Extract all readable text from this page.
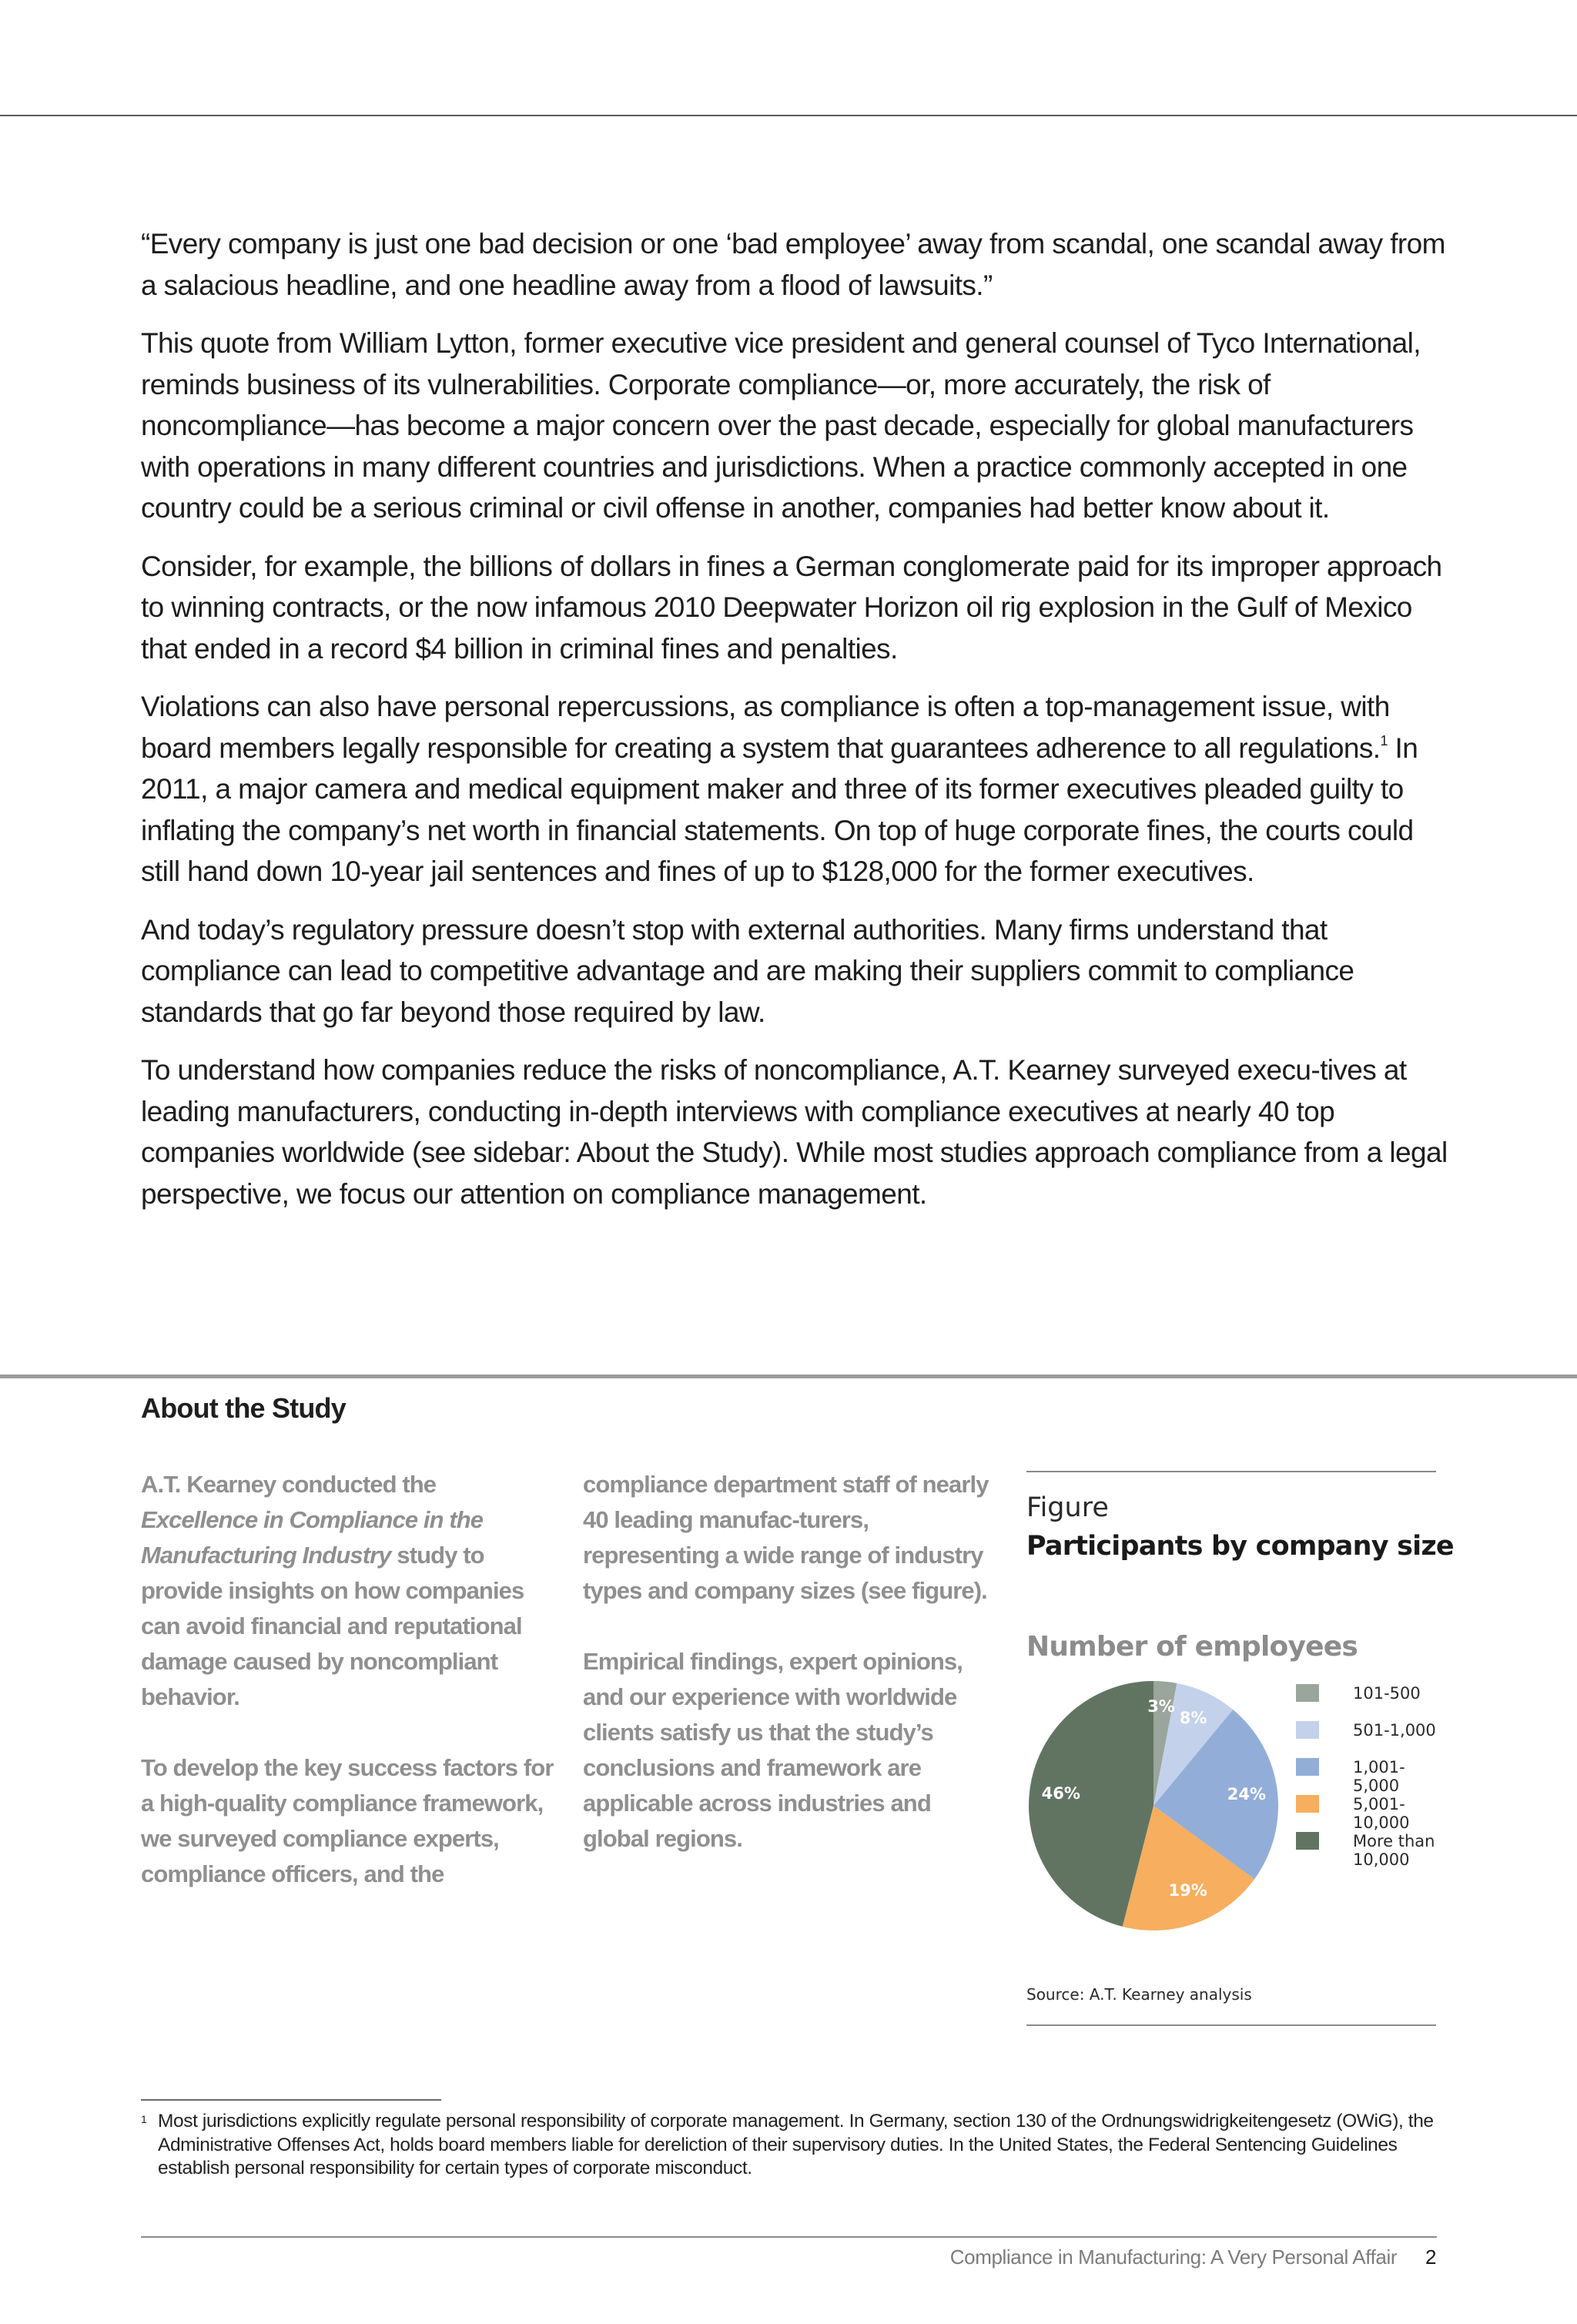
“Every company is just one bad decision or one ‘bad employee’ away from scandal, one scandal away from a salacious headline, and one headline away from a flood of lawsuits.”

This quote from William Lytton, former executive vice president and general counsel of Tyco International, reminds business of its vulnerabilities. Corporate compliance—or, more accurately, the risk of noncompliance—has become a major concern over the past decade, especially for global manufacturers with operations in many different countries and jurisdictions. When a practice commonly accepted in one country could be a serious criminal or civil offense in another, companies had better know about it.

Consider, for example, the billions of dollars in fines a German conglomerate paid for its improper approach to winning contracts, or the now infamous 2010 Deepwater Horizon oil rig explosion in the Gulf of Mexico that ended in a record $4 billion in criminal fines and penalties.

Violations can also have personal repercussions, as compliance is often a top-management issue, with board members legally responsible for creating a system that guarantees adherence to all regulations.$^1$ In 2011, a major camera and medical equipment maker and three of its former executives pleaded guilty to inflating the company’s net worth in financial statements. On top of huge corporate fines, the courts could still hand down 10-year jail sentences and fines of up to $128,000 for the former executives.

And today’s regulatory pressure doesn’t stop with external authorities. Many firms understand that compliance can lead to competitive advantage and are making their suppliers commit to compliance standards that go far beyond those required by law.

To understand how companies reduce the risks of noncompliance, A.T. Kearney surveyed execu-tives at leading manufacturers, conducting in-depth interviews with compliance executives at nearly 40 top companies worldwide (see sidebar: About the Study). While most studies approach compliance from a legal perspective, we focus our attention on compliance management.

About the Study

A.T. Kearney conducted the Excellence in Compliance in the Manufacturing Industry study to provide insights on how companies can avoid financial and reputational damage caused by noncompliant behavior.

To develop the key success factors for a high-quality compliance framework, we surveyed compliance experts, compliance officers, and the

compliance department staff of nearly 40 leading manufac-turers, representing a wide range of industry types and company sizes (see figure).

Empirical findings, expert opinions, and our experience with worldwide clients satisfy us that the study’s conclusions and framework are applicable across industries and global regions.

Figure
Participants by company size
Number of employees
3%
8%
24%
19%
46%
101-500
501-1,000
1,001-5,000
5,001-10,000
More than 10,000
Source: A.T. Kearney analysis
1 Most jurisdictions explicitly regulate personal responsibility of corporate management. In Germany, section 130 of the Ordnungswidrigkeitengesetz (OWiG), the Administrative Offenses Act, holds board members liable for dereliction of their supervisory duties. In the United States, the Federal Sentencing Guidelines establish personal responsibility for certain types of corporate misconduct.
Compliance in Manufacturing: A Very Personal Affair 2
